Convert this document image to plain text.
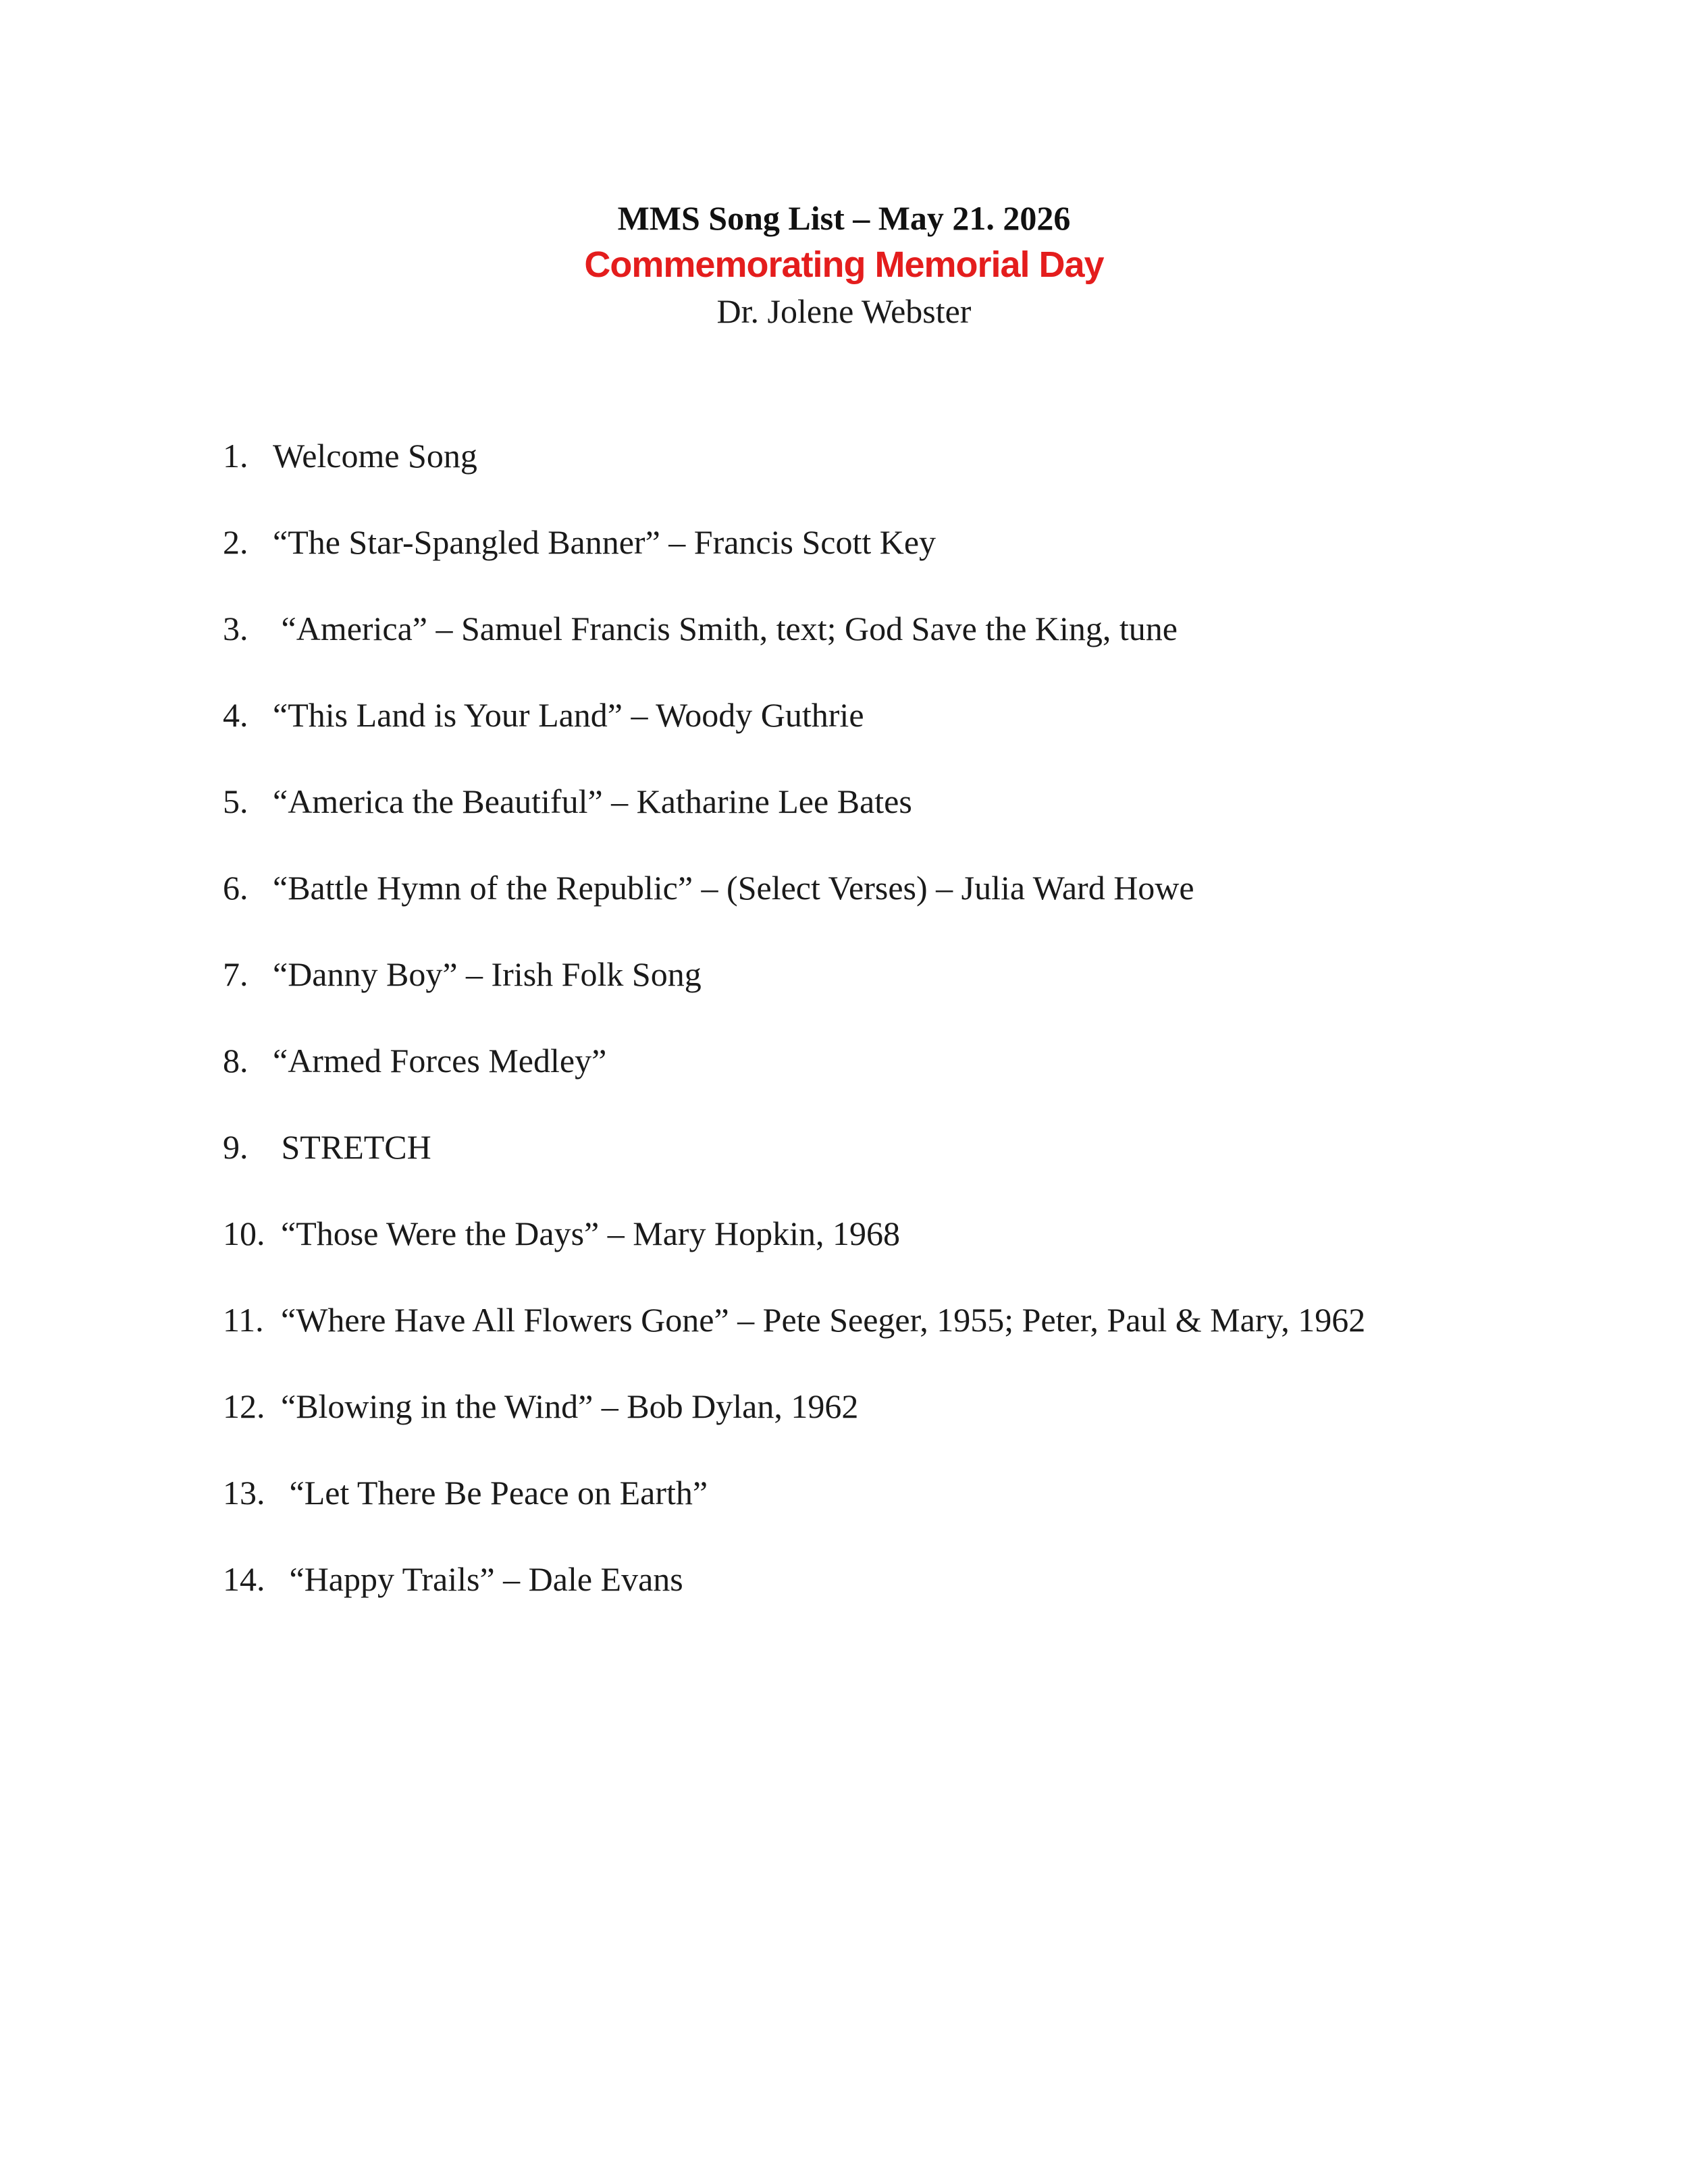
MMS Song List – May 21. 2026

Commemorating Memorial Day

Dr. Jolene Webster

1. Welcome Song
2. “The Star-Spangled Banner” – Francis Scott Key
3. “America” – Samuel Francis Smith, text; God Save the King, tune
4. “This Land is Your Land” – Woody Guthrie
5. “America the Beautiful” – Katharine Lee Bates
6. “Battle Hymn of the Republic” – (Select Verses) – Julia Ward Howe
7. “Danny Boy” – Irish Folk Song
8. “Armed Forces Medley”
9. STRETCH
10. “Those Were the Days” – Mary Hopkin, 1968
11. “Where Have All Flowers Gone” – Pete Seeger, 1955; Peter, Paul & Mary, 1962
12. “Blowing in the Wind” – Bob Dylan, 1962
13. “Let There Be Peace on Earth”
14. “Happy Trails” – Dale Evans
